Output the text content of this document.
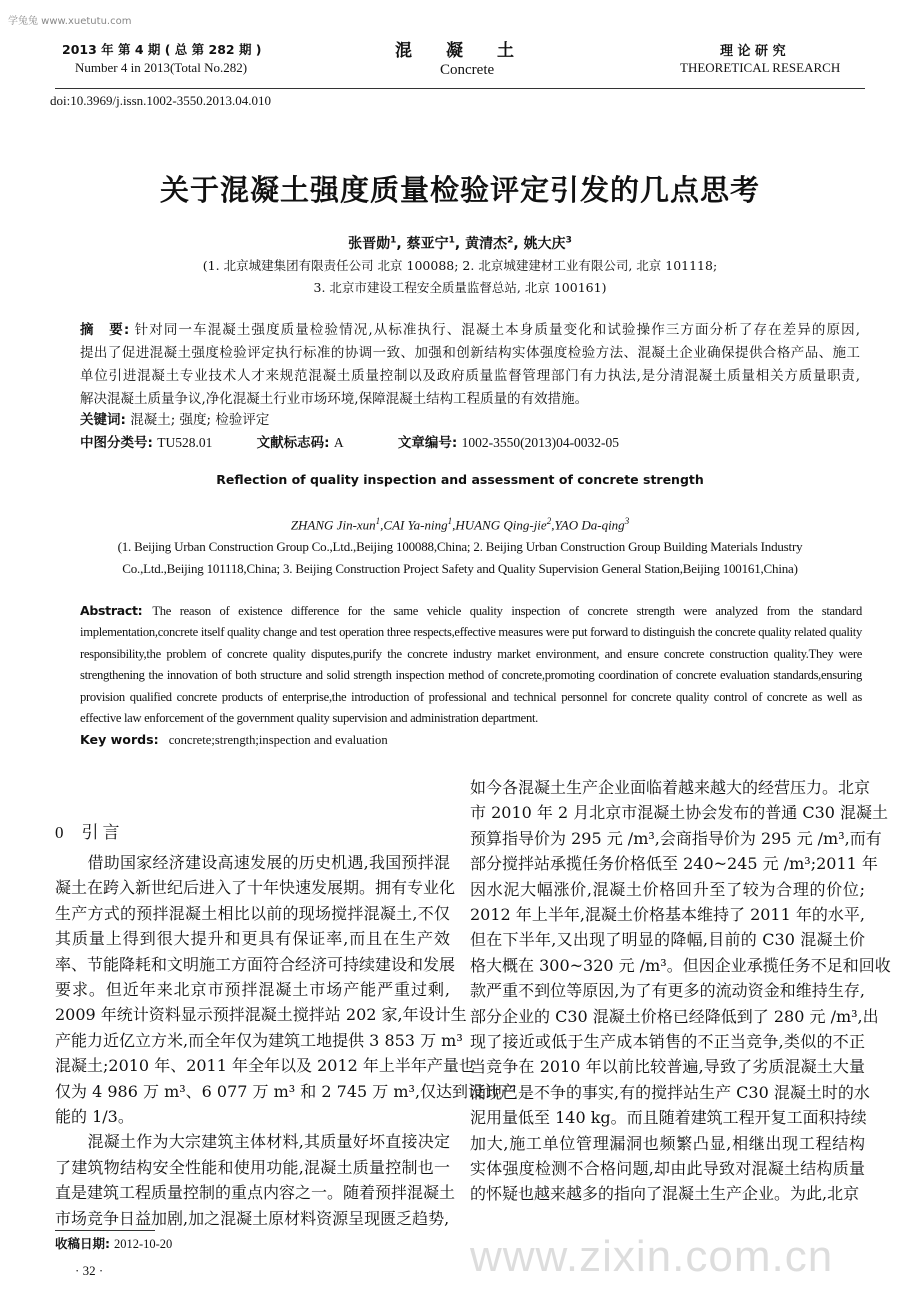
学兔兔 www.xuetutu.com
2013 年 第 4 期 ( 总 第 282 期 )
Number 4 in 2013(Total No.282)
混　　凝　　土
Concrete
理 论 研 究
THEORETICAL RESEARCH
doi:10.3969/j.issn.1002-3550.2013.04.010
关于混凝土强度质量检验评定引发的几点思考
张晋勋$^1$, 蔡亚宁$^1$, 黄清杰$^2$, 姚大庆$^3$
(1. 北京城建集团有限责任公司 北京 100088; 2. 北京城建建材工业有限公司, 北京 101118;
3. 北京市建设工程安全质量监督总站, 北京 100161)
摘　要: 针对同一车混凝土强度质量检验情况,从标准执行、混凝土本身质量变化和试验操作三方面分析了存在差异的原因,
提出了促进混凝土强度检验评定执行标准的协调一致、加强和创新结构实体强度检验方法、混凝土企业确保提供合格产品、施工
单位引进混凝土专业技术人才来规范混凝土质量控制以及政府质量监督管理部门有力执法,是分清混凝土质量相关方质量职责,
解决混凝土质量争议,净化混凝土行业市场环境,保障混凝土结构工程质量的有效措施。
关键词: 混凝土; 强度; 检验评定
中图分类号: TU528.01	文献标志码: A	文章编号: 1002-3550(2013)04-0032-05
Reflection of quality inspection and assessment of concrete strength
ZHANG Jin-xun$^1$,CAI Ya-ning$^1$,HUANG Qing-jie$^2$,YAO Da-qing$^3$
(1. Beijing Urban Construction Group Co.,Ltd.,Beijing 100088,China; 2. Beijing Urban Construction Group Building Materials Industry
Co.,Ltd.,Beijing 101118,China; 3. Beijing Construction Project Safety and Quality Supervision General Station,Beijing 100161,China)
Abstract: The reason of existence difference for the same vehicle quality inspection of concrete strength were analyzed from the standard implementation,concrete itself quality change and test operation three respects,effective measures were put forward to distinguish the concrete quality related quality responsibility,the problem of concrete quality disputes,purify the concrete industry market environment, and ensure concrete construction quality.They were strengthening the innovation of both structure and solid strength inspection method of concrete,promoting coordination of concrete evaluation standards,ensuring provision qualified concrete products of enterprise,the introduction of professional and technical personnel for concrete quality control of concrete as well as effective law enforcement of the government quality supervision and administration department.
Key words: concrete;strength;inspection and evaluation
0 引言
　　借助国家经济建设高速发展的历史机遇,我国预拌混
凝土在跨入新世纪后进入了十年快速发展期。拥有专业化
生产方式的预拌混凝土相比以前的现场搅拌混凝土,不仅
其质量上得到很大提升和更具有保证率,而且在生产效
率、节能降耗和文明施工方面符合经济可持续建设和发展
要求。但近年来北京市预拌混凝土市场产能严重过剩,
2009 年统计资料显示预拌混凝土搅拌站 202 家,年设计生
产能力近亿立方米,而全年仅为建筑工地提供 3 853 万 m³
混凝土;2010 年、2011 年全年以及 2012 年上半年产量也
仅为 4 986 万 m³、6 077 万 m³ 和 2 745 万 m³,仅达到设计产
能的 1/3。
　　混凝土作为大宗建筑主体材料,其质量好坏直接决定
了建筑物结构安全性能和使用功能,混凝土质量控制也一
直是建筑工程质量控制的重点内容之一。随着预拌混凝土
市场竞争日益加剧,加之混凝土原材料资源呈现匮乏趋势,
收稿日期: 2012-10-20
· 32 ·
如今各混凝土生产企业面临着越来越大的经营压力。北京
市 2010 年 2 月北京市混凝土协会发布的普通 C30 混凝土
预算指导价为 295 元 /m³,会商指导价为 295 元 /m³,而有
部分搅拌站承揽任务价格低至 240~245 元 /m³;2011 年
因水泥大幅涨价,混凝土价格回升至了较为合理的价位;
2012 年上半年,混凝土价格基本维持了 2011 年的水平,
但在下半年,又出现了明显的降幅,目前的 C30 混凝土价
格大概在 300~320 元 /m³。但因企业承揽任务不足和回收
款严重不到位等原因,为了有更多的流动资金和维持生存,
部分企业的 C30 混凝土价格已经降低到了 280 元 /m³,出
现了接近或低于生产成本销售的不正当竞争,类似的不正
当竞争在 2010 年以前比较普遍,导致了劣质混凝土大量
涌现已是不争的事实,有的搅拌站生产 C30 混凝土时的水
泥用量低至 140 kg。而且随着建筑工程开复工面积持续
加大,施工单位管理漏洞也频繁凸显,相继出现工程结构
实体强度检测不合格问题,却由此导致对混凝土结构质量
的怀疑也越来越多的指向了混凝土生产企业。为此,北京
www.zixin.com.cn
